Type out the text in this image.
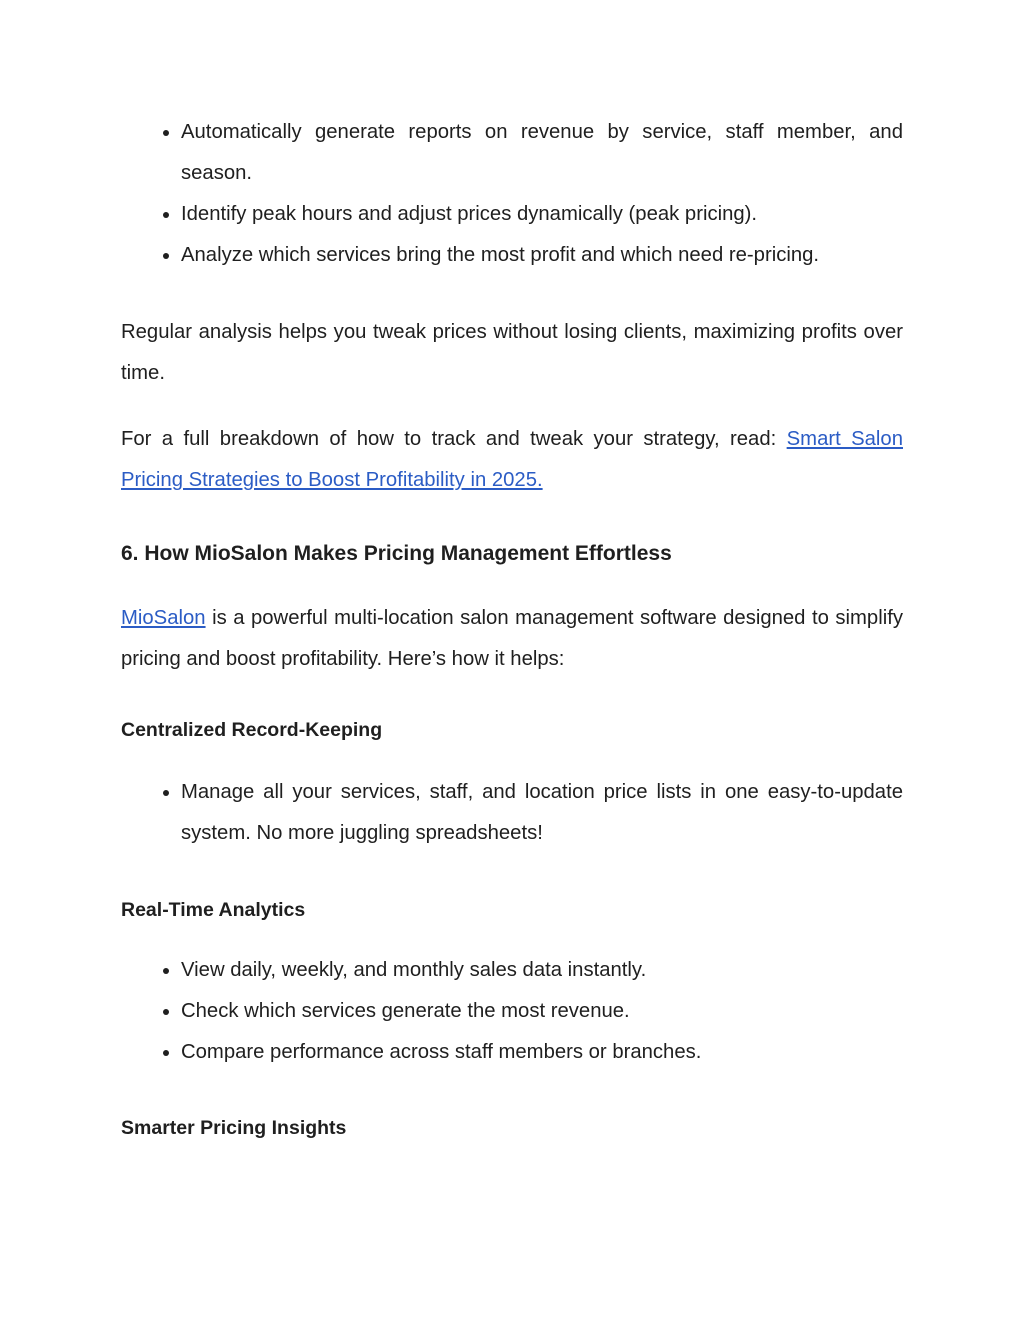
• Automatically generate reports on revenue by service, staff member, and season.
• Identify peak hours and adjust prices dynamically (peak pricing).
• Analyze which services bring the most profit and which need re-pricing.

Regular analysis helps you tweak prices without losing clients, maximizing profits over time.

For a full breakdown of how to track and tweak your strategy, read: Smart Salon Pricing Strategies to Boost Profitability in 2025.

6. How MioSalon Makes Pricing Management Effortless

MioSalon is a powerful multi-location salon management software designed to simplify pricing and boost profitability. Here’s how it helps:

Centralized Record-Keeping
• Manage all your services, staff, and location price lists in one easy-to-update system. No more juggling spreadsheets!
Real-Time Analytics
• View daily, weekly, and monthly sales data instantly.
• Check which services generate the most revenue.
• Compare performance across staff members or branches.
Smarter Pricing Insights
